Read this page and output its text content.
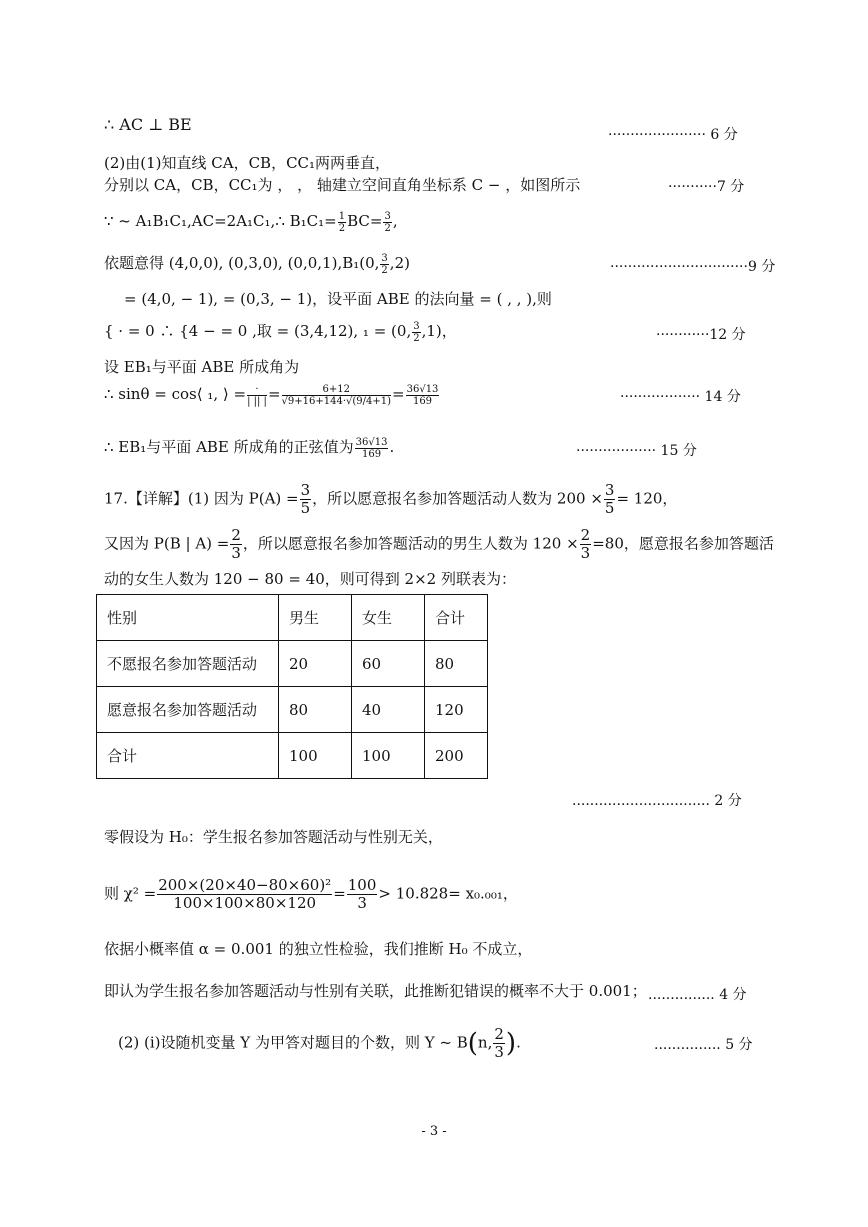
∴ AC ⊥ BE
······················ 6 分
(2)由(1)知直线 CA，CB，CC₁两两垂直，
分别以 CA，CB，CC₁为 ， ， 轴建立空间直角坐标系 C − ，如图所示	···········7 分
∵ ~ A₁B₁C₁,AC=2A₁C₁,∴ $B_1C_1= \frac{1}{2} BC= \frac{3}{2}$ ,
依题意得 (4,0,0), (0,3,0), (0,0,1),B₁(0, $\frac{3}{2} ,2$)	·······························9 分
= (4,0, − 1), = (0,3, − 1)，设平面 ABE 的法向量 = ( , , ),则
{ · = 0 ∴ {4 − = 0 ,取 = (3,4,12), ₁ = (0, $\frac{3}{2} ,1$)，	············12 分
设 EB₁与平面 ABE 所成角为
∴ sinθ = cos⟨ ₁, ⟩ = $\frac{\cdot}{| || |} = \frac{6+12}{√9+16+144\cdot√(9/4+1)} = \frac{36√13}{169}$	·················· 14 分
∴ EB₁与平面 ABE 所成角的正弦值为 $\frac{36√13}{169}$ .	·················· 15 分
17.【详解】(1) 因为 $P(A) = \frac{3}{5}$ ，所以愿意报名参加答题活动人数为 $200 \times \frac{3}{5} = 120$，
又因为 P(B | $A) = \frac{2}{3}$ ，所以愿意报名参加答题活动的男生人数为 $120 \times \frac{2}{3} =80$，愿意报名参加答题活
动的女生人数为 120 − 80 = 40，则可得到 2×2 列联表为：
性别	男生	女生	合计
不愿报名参加答题活动	20	60	80
愿意报名参加答题活动	80	40	120
合计	100	100	200
............................... 2 分
零假设为 H₀：学生报名参加答题活动与性别无关，
则 $\chi^2 = \frac{\text{200×(20×40−80×60)²}}{100\times 100\times 80\times 120} = \frac{100}{3} > 10.828= x_0._{001}$，
依据小概率值 α = 0.001 的独立性检验，我们推断 H₀ 不成立，
即认为学生报名参加答题活动与性别有关联，此推断犯错误的概率不大于 0.001； ............... 4 分
(2) (i)设随机变量 Y 为甲答对题目的个数，则 Y ~ B(n, $\frac{2}{3}$ ).	............... 5 分
- 3 -
